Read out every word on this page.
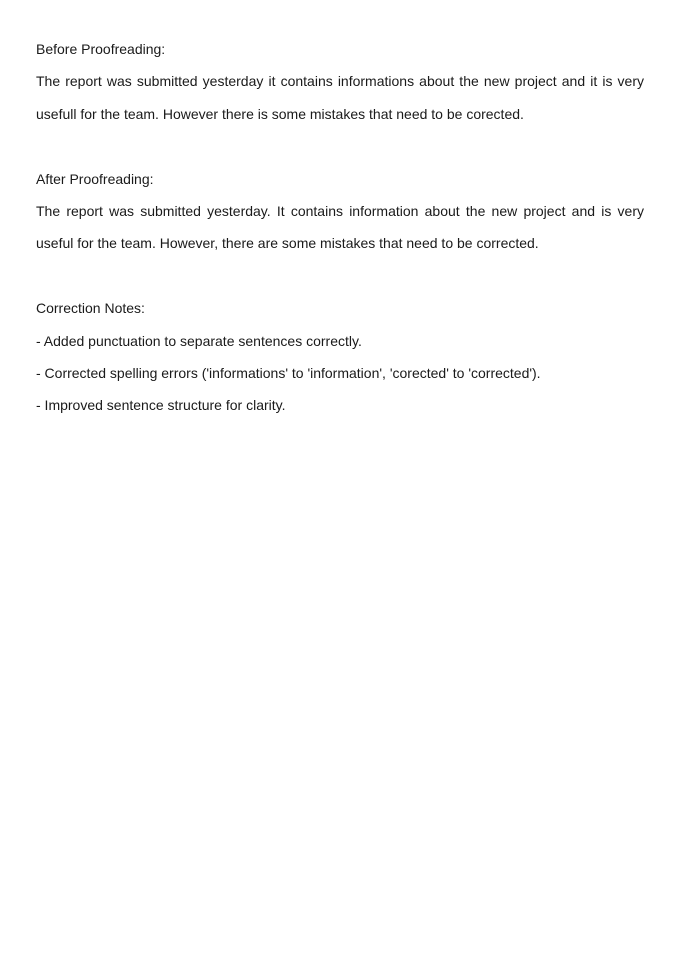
Before Proofreading:

The report was submitted yesterday it contains informations about the new project and it is very usefull for the team. However there is some mistakes that need to be corected.

After Proofreading:

The report was submitted yesterday. It contains information about the new project and is very useful for the team. However, there are some mistakes that need to be corrected.

Correction Notes:

- Added punctuation to separate sentences correctly.
- Corrected spelling errors ('informations' to 'information', 'corected' to 'corrected').
- Improved sentence structure for clarity.
